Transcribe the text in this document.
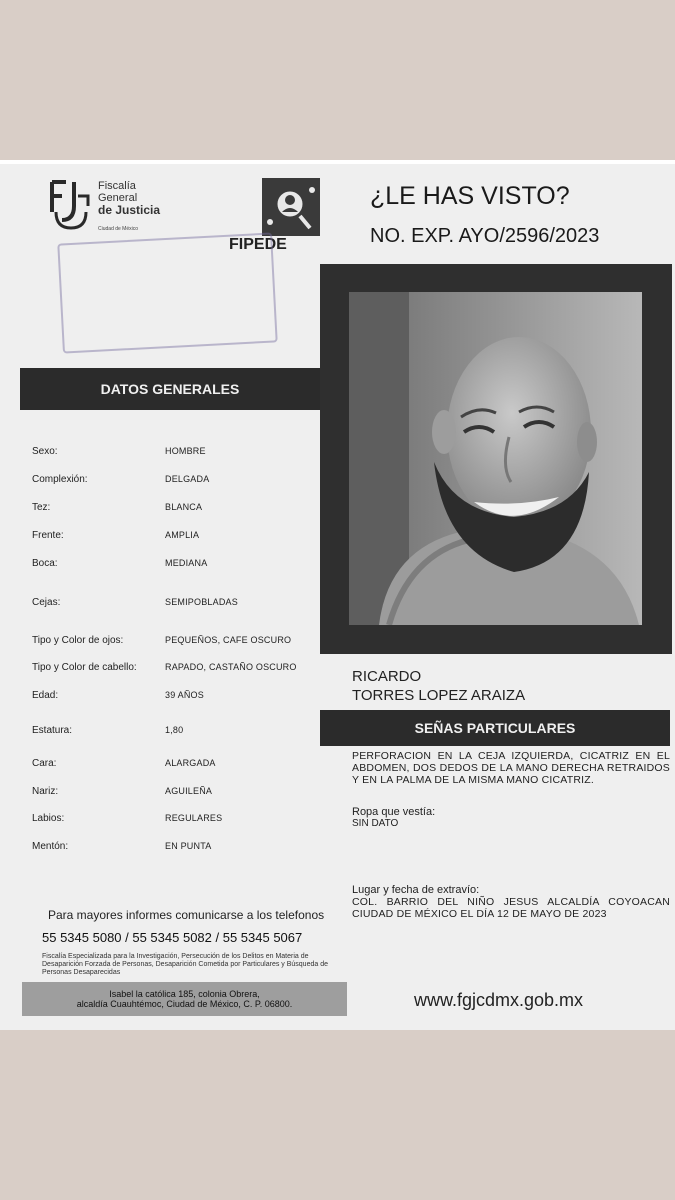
Fiscalía
General
de Justicia
Ciudad de México
FIPEDE
¿LE HAS VISTO?
NO. EXP. AYO/2596/2023
RICARDO
TORRES LOPEZ ARAIZA
DATOS GENERALES
Sexo:	HOMBRE
Complexión:	DELGADA
Tez:	BLANCA
Frente:	AMPLIA
Boca:	MEDIANA
Cejas:	SEMIPOBLADAS
Tipo y Color de ojos:	PEQUEÑOS, CAFE OSCURO
Tipo y Color de cabello:	RAPADO, CASTAÑO OSCURO
Edad:	39 AÑOS
Estatura:	1,80
Cara:	ALARGADA
Nariz:	AGUILEÑA
Labios:	REGULARES
Mentón:	EN PUNTA
SEÑAS PARTICULARES
PERFORACION EN LA CEJA IZQUIERDA, CICATRIZ EN EL ABDOMEN, DOS DEDOS DE LA MANO DERECHA RETRAIDOS Y EN LA PALMA DE LA MISMA MANO CICATRIZ.
Ropa que vestía:
SIN DATO
Lugar y fecha de extravío:
COL. BARRIO DEL NIÑO JESUS ALCALDÍA COYOACAN CIUDAD DE MÉXICO EL DÍA 12 DE MAYO DE 2023
Para mayores informes comunicarse a los telefonos
55 5345 5080 / 55 5345 5082 / 55 5345 5067
Fiscalía Especializada para la Investigación, Persecución de los Delitos en Materia de Desaparición Forzada de Personas, Desaparición Cometida por Particulares y Búsqueda de Personas Desaparecidas
Isabel la católica 185, colonia Obrera,
alcaldía Cuauhtémoc, Ciudad de México, C. P. 06800.	www.fgjcdmx.gob.mx
